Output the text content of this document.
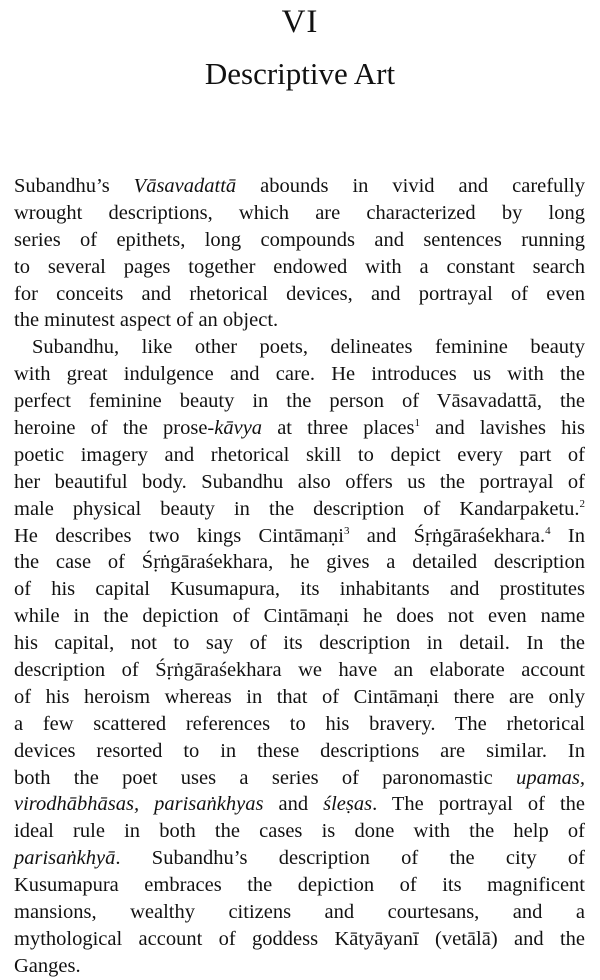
VI
Descriptive Art
Subandhu’s Vāsavadattā abounds in vivid and carefully
wrought descriptions, which are characterized by long
series of epithets, long compounds and sentences running
to several pages together endowed with a constant search
for conceits and rhetorical devices, and portrayal of even
the minutest aspect of an object.
Subandhu, like other poets, delineates feminine beauty
with great indulgence and care. He introduces us with the
perfect feminine beauty in the person of Vāsavadattā, the
heroine of the prose-kāvya at three places$^1$ and lavishes his
poetic imagery and rhetorical skill to depict every part of
her beautiful body. Subandhu also offers us the portrayal of
male physical beauty in the description of Kandarpaketu.$^2$
He describes two kings Cintāmaṇi$^3$ and Śṛṅgāraśekhara.$^4$ In
the case of Śṛṅgāraśekhara, he gives a detailed description
of his capital Kusumapura, its inhabitants and prostitutes
while in the depiction of Cintāmaṇi he does not even name
his capital, not to say of its description in detail. In the
description of Śṛṅgāraśekhara we have an elaborate account
of his heroism whereas in that of Cintāmaṇi there are only
a few scattered references to his bravery. The rhetorical
devices resorted to in these descriptions are similar. In
both the poet uses a series of paronomastic upamas,
virodhābhāsas, parisaṅkhyas and śleṣas. The portrayal of the
ideal rule in both the cases is done with the help of
parisaṅkhyā. Subandhu’s description of the city of
Kusumapura embraces the depiction of its magnificent
mansions, wealthy citizens and courtesans, and a
mythological account of goddess Kātyāyanī (vetālā) and the
Ganges.
